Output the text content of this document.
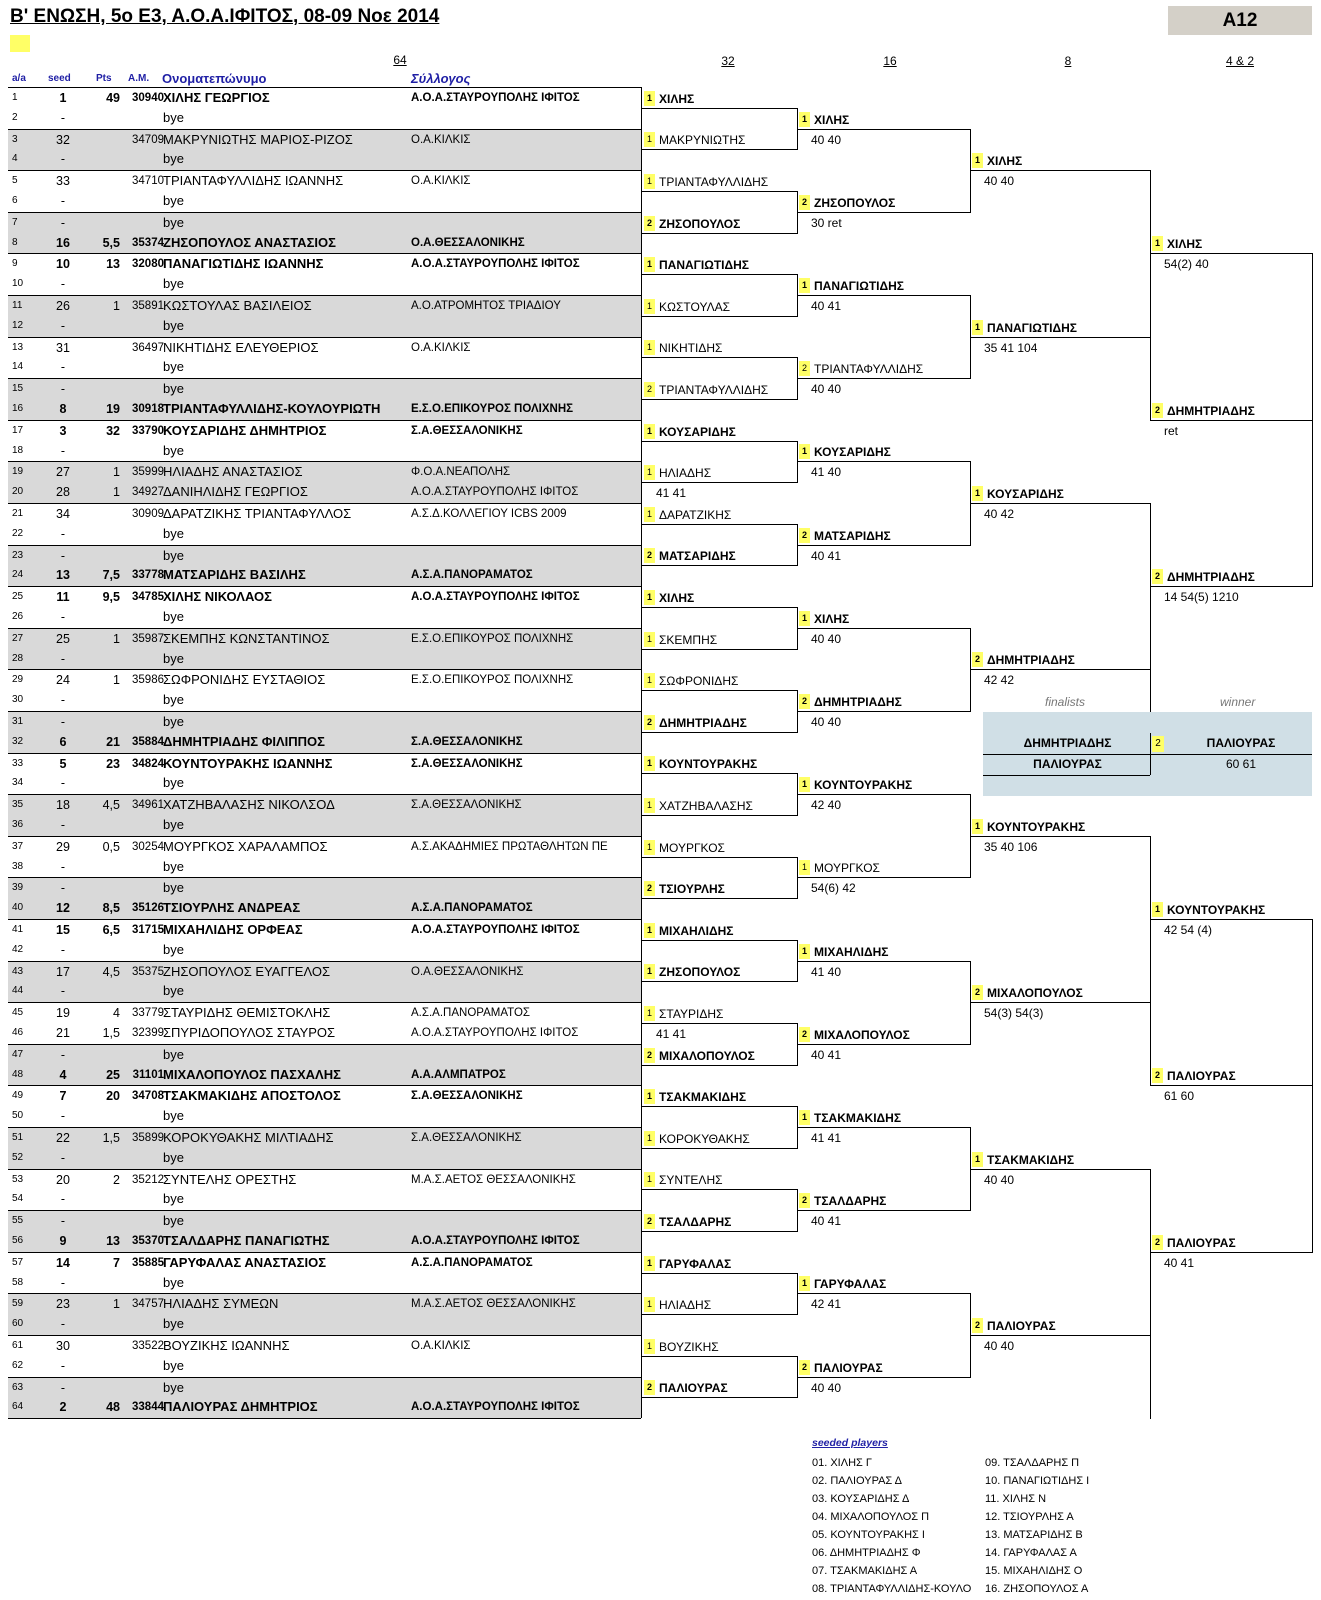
Β' ΕΝΩΣΗ, 5ο Ε3, Α.Ο.Α.ΙΦΙΤΟΣ, 08-09 Νοε 2014	A12
64	32	16	8	4 & 2
a/a seed	Pts A.M. Ονοματεπώνυμο	Σύλλογος
1	1	49	30940 ΧΙΛΗΣ ΓΕΩΡΓΙΟΣ	Α.Ο.Α.ΣΤΑΥΡΟΥΠΟΛΗΣ ΙΦΙΤΟΣ
2	-	bye
3	32	34709 ΜΑΚΡΥΝΙΩΤΗΣ ΜΑΡΙΟΣ-ΡΙΖΟΣ	Ο.Α.ΚΙΛΚΙΣ
4	-	bye
5	33	34710 ΤΡΙΑΝΤΑΦΥΛΛΙΔΗΣ ΙΩΑΝΝΗΣ	Ο.Α.ΚΙΛΚΙΣ
6	-	bye
7	-	bye
8	16	5,5	35374 ΖΗΣΟΠΟΥΛΟΣ ΑΝΑΣΤΑΣΙΟΣ	Ο.Α.ΘΕΣΣΑΛΟΝΙΚΗΣ
9	10	13	32080 ΠΑΝΑΓΙΩΤΙΔΗΣ ΙΩΑΝΝΗΣ	Α.Ο.Α.ΣΤΑΥΡΟΥΠΟΛΗΣ ΙΦΙΤΟΣ
10	-	bye
11	26	1	35891 ΚΩΣΤΟΥΛΑΣ ΒΑΣΙΛΕΙΟΣ	Α.Ο.ΑΤΡΟΜΗΤΟΣ ΤΡΙΑΔΙΟΥ
12	-	bye
13	31	36497 ΝΙΚΗΤΙΔΗΣ ΕΛΕΥΘΕΡΙΟΣ	Ο.Α.ΚΙΛΚΙΣ
14	-	bye
15	-	bye
16	8	19	30918 ΤΡΙΑΝΤΑΦΥΛΛΙΔΗΣ-ΚΟΥΛΟΥΡΙΩΤΗ	Ε.Σ.Ο.ΕΠΙΚΟΥΡΟΣ ΠΟΛΙΧΝΗΣ
17	3	32	33790 ΚΟΥΣΑΡΙΔΗΣ ΔΗΜΗΤΡΙΟΣ	Σ.Α.ΘΕΣΣΑΛΟΝΙΚΗΣ
18	-	bye
19	27	1	35999 ΗΛΙΑΔΗΣ ΑΝΑΣΤΑΣΙΟΣ	Φ.Ο.Α.ΝΕΑΠΟΛΗΣ
20	28	1	34927 ΔΑΝΙΗΛΙΔΗΣ ΓΕΩΡΓΙΟΣ	Α.Ο.Α.ΣΤΑΥΡΟΥΠΟΛΗΣ ΙΦΙΤΟΣ
21	34	30909 ΔΑΡΑΤΖΙΚΗΣ ΤΡΙΑΝΤΑΦΥΛΛΟΣ	Α.Σ.Δ.ΚΟΛΛΕΓΙΟΥ ICBS 2009
22	-	bye
23	-	bye
24	13	7,5	33778 ΜΑΤΣΑΡΙΔΗΣ ΒΑΣΙΛΗΣ	Α.Σ.Α.ΠΑΝΟΡΑΜΑΤΟΣ
25	11	9,5	34785 ΧΙΛΗΣ ΝΙΚΟΛΑΟΣ	Α.Ο.Α.ΣΤΑΥΡΟΥΠΟΛΗΣ ΙΦΙΤΟΣ
26	-	bye
27	25	1	35987 ΣΚΕΜΠΗΣ ΚΩΝΣΤΑΝΤΙΝΟΣ	Ε.Σ.Ο.ΕΠΙΚΟΥΡΟΣ ΠΟΛΙΧΝΗΣ
28	-	bye
29	24	1	35986 ΣΩΦΡΟΝΙΔΗΣ ΕΥΣΤΑΘΙΟΣ	Ε.Σ.Ο.ΕΠΙΚΟΥΡΟΣ ΠΟΛΙΧΝΗΣ
30	-	bye
31	-	bye
32	6	21	35884 ΔΗΜΗΤΡΙΑΔΗΣ ΦΙΛΙΠΠΟΣ	Σ.Α.ΘΕΣΣΑΛΟΝΙΚΗΣ
33	5	23	34824 ΚΟΥΝΤΟΥΡΑΚΗΣ ΙΩΑΝΝΗΣ	Σ.Α.ΘΕΣΣΑΛΟΝΙΚΗΣ
34	-	bye
35	18	4,5	34961 ΧΑΤΖΗΒΑΛΑΣΗΣ ΝΙΚΟΛΣΟΔ	Σ.Α.ΘΕΣΣΑΛΟΝΙΚΗΣ
36	-	bye
37	29	0,5	30254 ΜΟΥΡΓΚΟΣ ΧΑΡΑΛΑΜΠΟΣ	Α.Σ.ΑΚΑΔΗΜΙΕΣ ΠΡΩΤΑΘΛΗΤΩΝ ΠΕ
38	-	bye
39	-	bye
40	12	8,5	35126 ΤΣΙΟΥΡΛΗΣ ΑΝΔΡΕΑΣ	Α.Σ.Α.ΠΑΝΟΡΑΜΑΤΟΣ
41	15	6,5	31715 ΜΙΧΑΗΛΙΔΗΣ ΟΡΦΕΑΣ	Α.Ο.Α.ΣΤΑΥΡΟΥΠΟΛΗΣ ΙΦΙΤΟΣ
42	-	bye
43	17	4,5	35375 ΖΗΣΟΠΟΥΛΟΣ ΕΥΑΓΓΕΛΟΣ	Ο.Α.ΘΕΣΣΑΛΟΝΙΚΗΣ
44	-	bye
45	19	4	33779 ΣΤΑΥΡΙΔΗΣ ΘΕΜΙΣΤΟΚΛΗΣ	Α.Σ.Α.ΠΑΝΟΡΑΜΑΤΟΣ
46	21	1,5	32399 ΣΠΥΡΙΔΟΠΟΥΛΟΣ ΣΤΑΥΡΟΣ	Α.Ο.Α.ΣΤΑΥΡΟΥΠΟΛΗΣ ΙΦΙΤΟΣ
47	-	bye
48	4	25	31101 ΜΙΧΑΛΟΠΟΥΛΟΣ ΠΑΣΧΑΛΗΣ	Α.Α.ΑΛΜΠΑΤΡΟΣ
49	7	20	34708 ΤΣΑΚΜΑΚΙΔΗΣ ΑΠΟΣΤΟΛΟΣ	Σ.Α.ΘΕΣΣΑΛΟΝΙΚΗΣ
50	-	bye
51	22	1,5	35899 ΚΟΡΟΚΥΘΑΚΗΣ ΜΙΛΤΙΑΔΗΣ	Σ.Α.ΘΕΣΣΑΛΟΝΙΚΗΣ
52	-	bye
53	20	2	35212 ΣΥΝΤΕΛΗΣ ΟΡΕΣΤΗΣ	Μ.Α.Σ.ΑΕΤΟΣ ΘΕΣΣΑΛΟΝΙΚΗΣ
54	-	bye
55	-	bye
56	9	13	35370 ΤΣΑΛΔΑΡΗΣ ΠΑΝΑΓΙΩΤΗΣ	Α.Ο.Α.ΣΤΑΥΡΟΥΠΟΛΗΣ ΙΦΙΤΟΣ
57	14	7	35885 ΓΑΡΥΦΑΛΑΣ ΑΝΑΣΤΑΣΙΟΣ	Α.Σ.Α.ΠΑΝΟΡΑΜΑΤΟΣ
58	-	bye
59	23	1	34757 ΗΛΙΑΔΗΣ ΣΥΜΕΩΝ	Μ.Α.Σ.ΑΕΤΟΣ ΘΕΣΣΑΛΟΝΙΚΗΣ
60	-	bye
61	30	33522 ΒΟΥΖΙΚΗΣ ΙΩΑΝΝΗΣ	Ο.Α.ΚΙΛΚΙΣ
62	-	bye
63	-	bye
64	2	48	33844 ΠΑΛΙΟΥΡΑΣ ΔΗΜΗΤΡΙΟΣ	Α.Ο.Α.ΣΤΑΥΡΟΥΠΟΛΗΣ ΙΦΙΤΟΣ
1 ΧΙΛΗΣ
1 ΜΑΚΡΥΝΙΩΤΗΣ
1 ΤΡΙΑΝΤΑΦΥΛΛΙΔΗΣ
2 ΖΗΣΟΠΟΥΛΟΣ
1 ΠΑΝΑΓΙΩΤΙΔΗΣ
1 ΚΩΣΤΟΥΛΑΣ
1 ΝΙΚΗΤΙΔΗΣ
2 ΤΡΙΑΝΤΑΦΥΛΛΙΔΗΣ
1 ΚΟΥΣΑΡΙΔΗΣ
1 ΗΛΙΑΔΗΣ
41 41
1 ΔΑΡΑΤΖΙΚΗΣ
2 ΜΑΤΣΑΡΙΔΗΣ
1 ΧΙΛΗΣ
1 ΣΚΕΜΠΗΣ
1 ΣΩΦΡΟΝΙΔΗΣ
2 ΔΗΜΗΤΡΙΑΔΗΣ
1 ΚΟΥΝΤΟΥΡΑΚΗΣ
1 ΧΑΤΖΗΒΑΛΑΣΗΣ
1 ΜΟΥΡΓΚΟΣ
2 ΤΣΙΟΥΡΛΗΣ
1 ΜΙΧΑΗΛΙΔΗΣ
1 ΖΗΣΟΠΟΥΛΟΣ
1 ΣΤΑΥΡΙΔΗΣ
41 41
2 ΜΙΧΑΛΟΠΟΥΛΟΣ
1 ΤΣΑΚΜΑΚΙΔΗΣ
1 ΚΟΡΟΚΥΘΑΚΗΣ
1 ΣΥΝΤΕΛΗΣ
2 ΤΣΑΛΔΑΡΗΣ
1 ΓΑΡΥΦΑΛΑΣ
1 ΗΛΙΑΔΗΣ
1 ΒΟΥΖΙΚΗΣ
2 ΠΑΛΙΟΥΡΑΣ
1 ΧΙΛΗΣ
40 40
2 ΖΗΣΟΠΟΥΛΟΣ
30 ret
1 ΠΑΝΑΓΙΩΤΙΔΗΣ
40 41
2 ΤΡΙΑΝΤΑΦΥΛΛΙΔΗΣ
40 40
1 ΚΟΥΣΑΡΙΔΗΣ
41 40
2 ΜΑΤΣΑΡΙΔΗΣ
40 41
1 ΧΙΛΗΣ
40 40
2 ΔΗΜΗΤΡΙΑΔΗΣ
40 40
1 ΚΟΥΝΤΟΥΡΑΚΗΣ
42 40
1 ΜΟΥΡΓΚΟΣ
54(6) 42
1 ΜΙΧΑΗΛΙΔΗΣ
41 40
2 ΜΙΧΑΛΟΠΟΥΛΟΣ
40 41
1 ΤΣΑΚΜΑΚΙΔΗΣ
41 41
2 ΤΣΑΛΔΑΡΗΣ
40 41
1 ΓΑΡΥΦΑΛΑΣ
42 41
2 ΠΑΛΙΟΥΡΑΣ
40 40
1 ΧΙΛΗΣ
40 40
1 ΠΑΝΑΓΙΩΤΙΔΗΣ
35 41 104
1 ΚΟΥΣΑΡΙΔΗΣ
40 42
2 ΔΗΜΗΤΡΙΑΔΗΣ
42 42
1 ΚΟΥΝΤΟΥΡΑΚΗΣ
35 40 106
2 ΜΙΧΑΛΟΠΟΥΛΟΣ
54(3) 54(3)
1 ΤΣΑΚΜΑΚΙΔΗΣ
40 40
2 ΠΑΛΙΟΥΡΑΣ
40 40
1 ΧΙΛΗΣ
54(2) 40
2 ΔΗΜΗΤΡΙΑΔΗΣ
ret
2 ΔΗΜΗΤΡΙΑΔΗΣ
14 54(5) 1210
1 ΚΟΥΝΤΟΥΡΑΚΗΣ
42 54 (4)
2 ΠΑΛΙΟΥΡΑΣ
61 60
2 ΠΑΛΙΟΥΡΑΣ
40 41
finalists	winner
ΔΗΜΗΤΡΙΑΔΗΣ
ΠΑΛΙΟΥΡΑΣ
2	ΠΑΛΙΟΥΡΑΣ
60 61
seeded players
01. ΧΙΛΗΣ Γ
02. ΠΑΛΙΟΥΡΑΣ Δ
03. ΚΟΥΣΑΡΙΔΗΣ Δ
04. ΜΙΧΑΛΟΠΟΥΛΟΣ Π
05. ΚΟΥΝΤΟΥΡΑΚΗΣ Ι
06. ΔΗΜΗΤΡΙΑΔΗΣ Φ
07. ΤΣΑΚΜΑΚΙΔΗΣ Α
08. ΤΡΙΑΝΤΑΦΥΛΛΙΔΗΣ-ΚΟΥΛΟ
09. ΤΣΑΛΔΑΡΗΣ Π
10. ΠΑΝΑΓΙΩΤΙΔΗΣ Ι
11. ΧΙΛΗΣ Ν
12. ΤΣΙΟΥΡΛΗΣ Α
13. ΜΑΤΣΑΡΙΔΗΣ Β
14. ΓΑΡΥΦΑΛΑΣ Α
15. ΜΙΧΑΗΛΙΔΗΣ Ο
16. ΖΗΣΟΠΟΥΛΟΣ Α
